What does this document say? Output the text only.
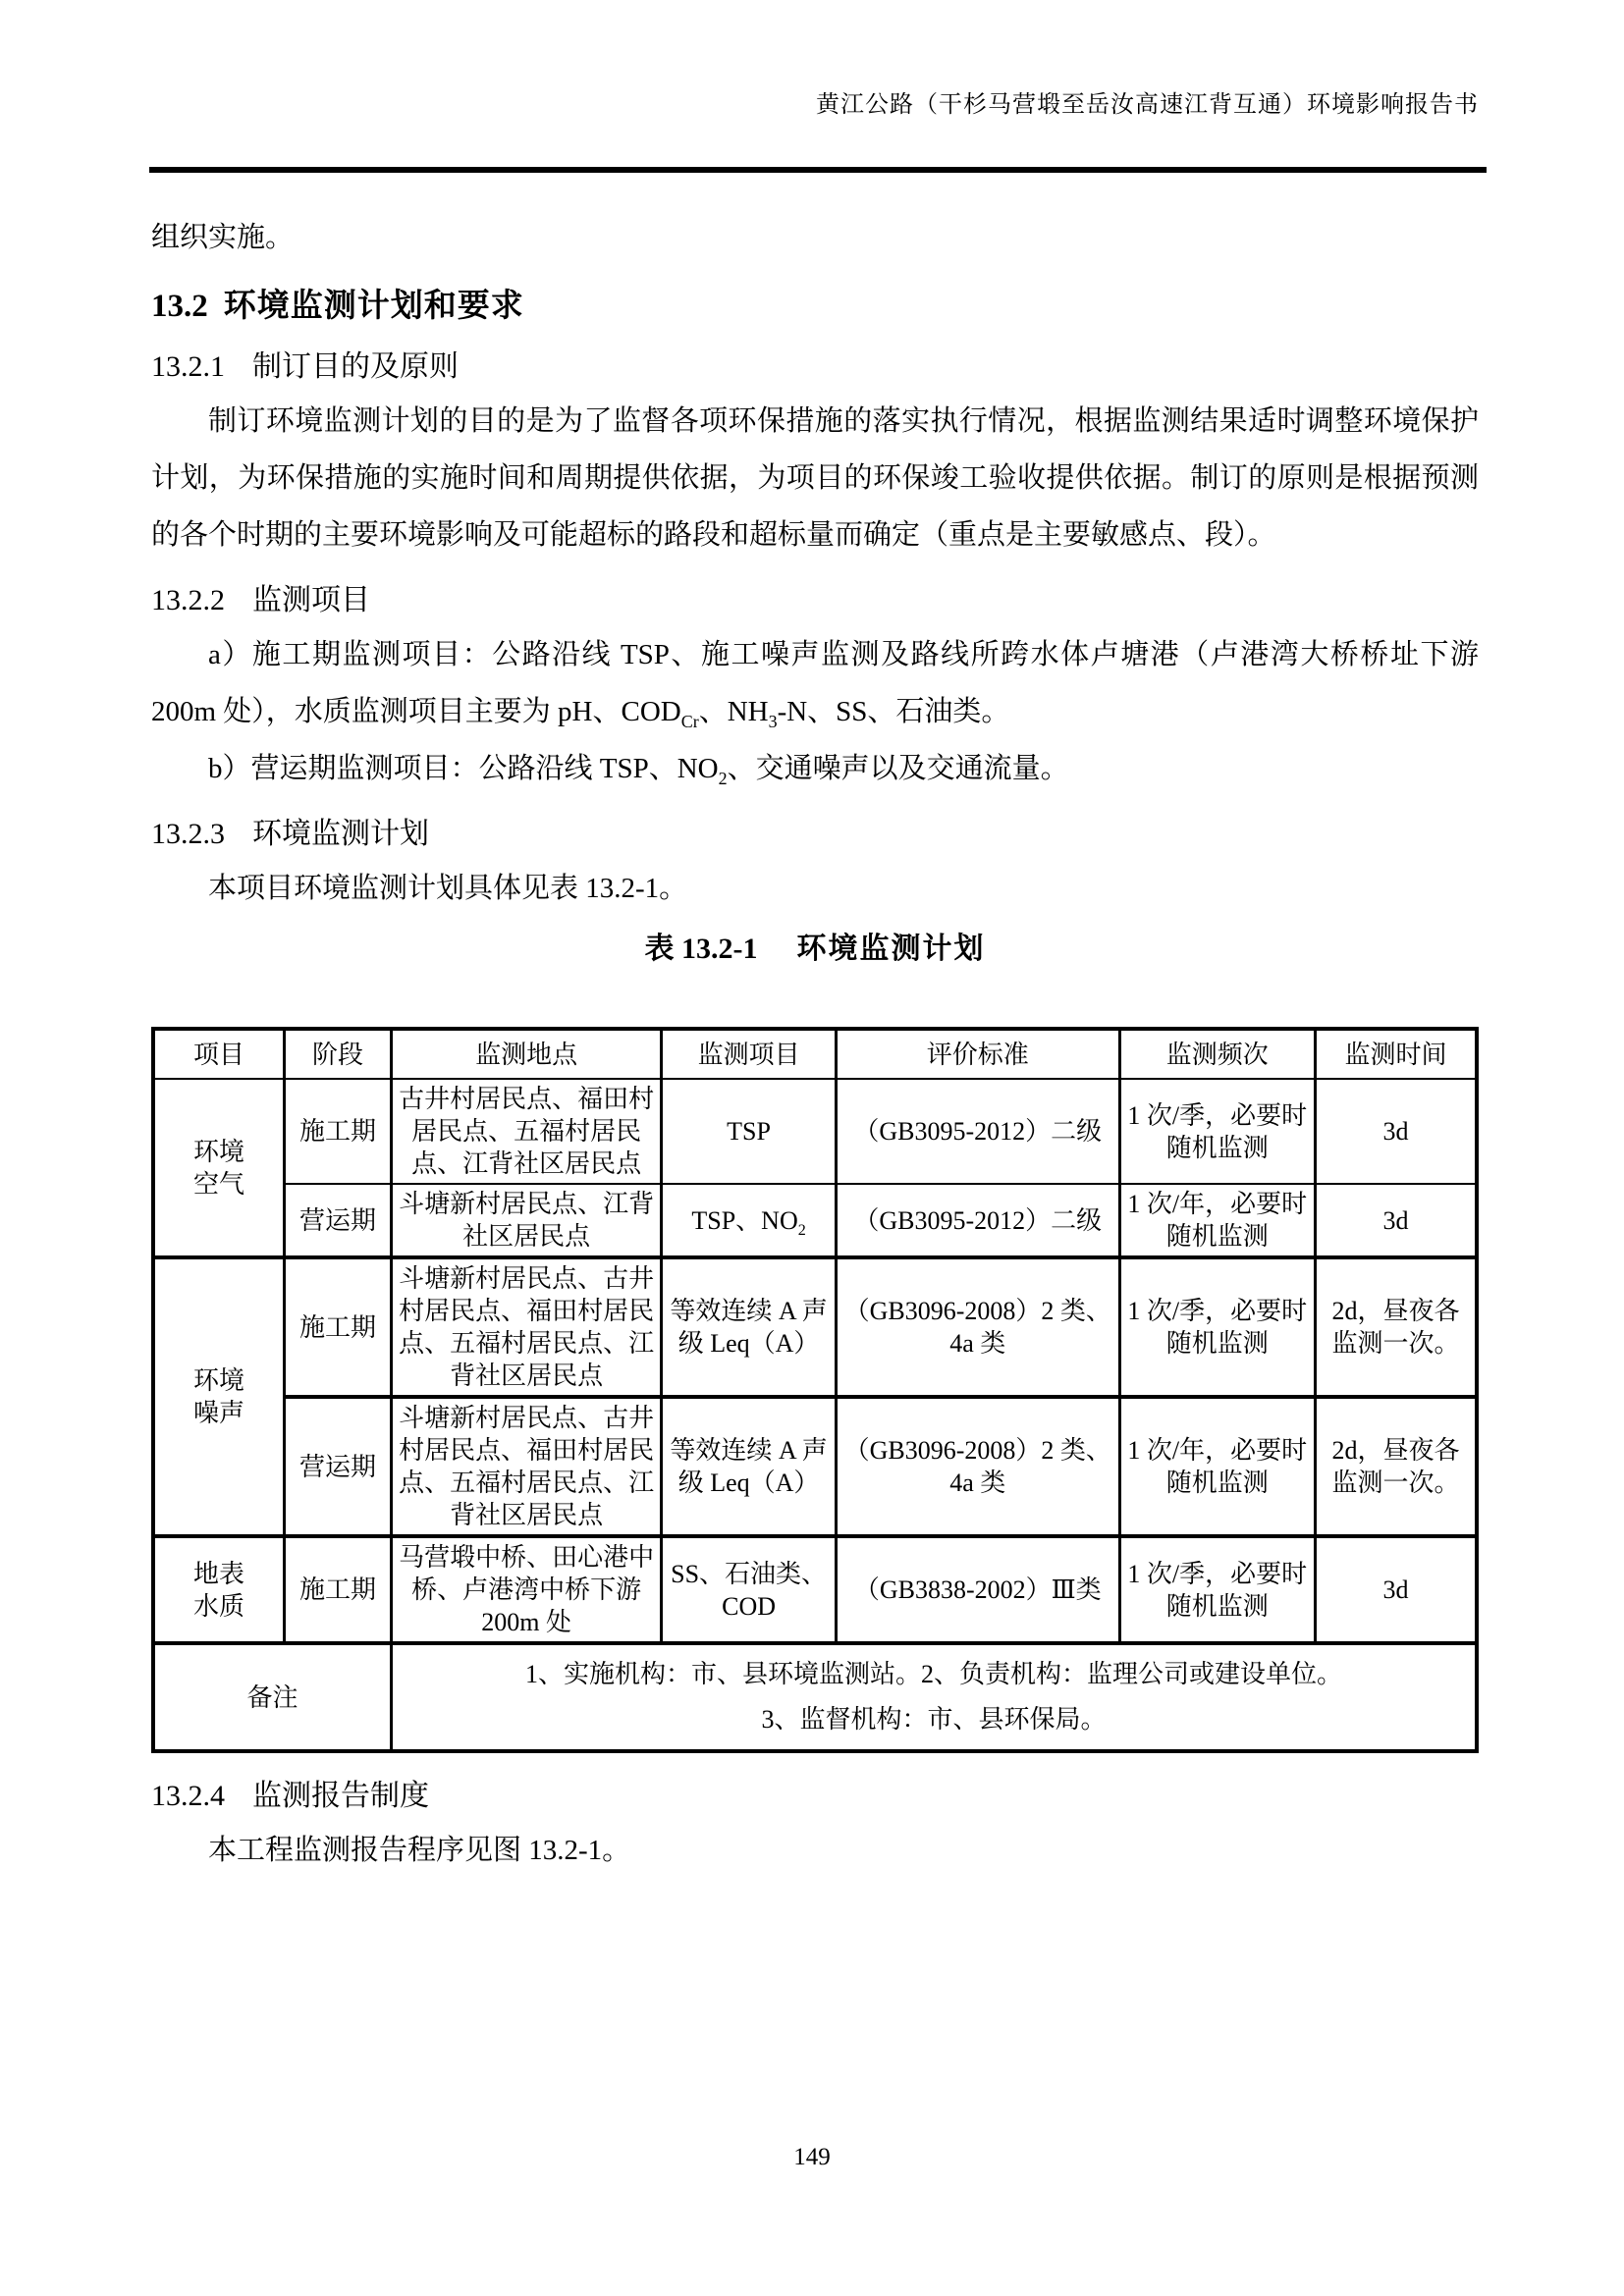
黄江公路（干杉马营塅至岳汝高速江背互通）环境影响报告书

组织实施。

13.2 环境监测计划和要求
13.2.1 制订目的及原则

制订环境监测计划的目的是为了监督各项环保措施的落实执行情况，根据监测结果适时调整环境保护计划，为环保措施的实施时间和周期提供依据，为项目的环保竣工验收提供依据。制订的原则是根据预测的各个时期的主要环境影响及可能超标的路段和超标量而确定（重点是主要敏感点、段）。

13.2.2 监测项目

a）施工期监测项目：公路沿线 TSP、施工噪声监测及路线所跨水体卢塘港（卢港湾大桥桥址下游 200m 处），水质监测项目主要为 pH、$COD_{Cr}$、$NH_3-N$、SS、石油类。

b）营运期监测项目：公路沿线 TSP、$NO_2$、交通噪声以及交通流量。

13.2.3 环境监测计划

本项目环境监测计划具体见表 13.2-1。

表 13.2-1 环境监测计划
项目	阶段	监测地点	监测项目	评价标准	监测频次	监测时间

环境
空气	施工期	古井村居民点、福田村居民点、五福村居民点、江背社区居民点	TSP	（GB3095-2012）二级	1 次/季，必要时随机监测	3d
	营运期	斗塘新村居民点、江背社区居民点	TSP、$NO_2$	（GB3095-2012）二级	1 次/年，必要时随机监测	3d

环境
噪声	施工期	斗塘新村居民点、古井村居民点、福田村居民点、五福村居民点、江背社区居民点	等效连续 A 声级 Leq（A）	（GB3096-2008）2 类、4a 类	1 次/季，必要时随机监测	2d，昼夜各监测一次。
	营运期	斗塘新村居民点、古井村居民点、福田村居民点、五福村居民点、江背社区居民点	等效连续 A 声级 Leq（A）	（GB3096-2008）2 类、4a 类	1 次/年，必要时随机监测	2d，昼夜各监测一次。

地表
水质	施工期	马营塅中桥、田心港中桥、卢港湾中桥下游 200m 处	SS、石油类、COD	（GB3838-2002）Ⅲ类	1 次/季，必要时随机监测	3d
备注		1、实施机构：市、县环境监测站。2、负责机构：监理公司或建设单位。
3、监督机构：市、县环保局。				
13.2.4 监测报告制度

本工程监测报告程序见图 13.2-1。

149
